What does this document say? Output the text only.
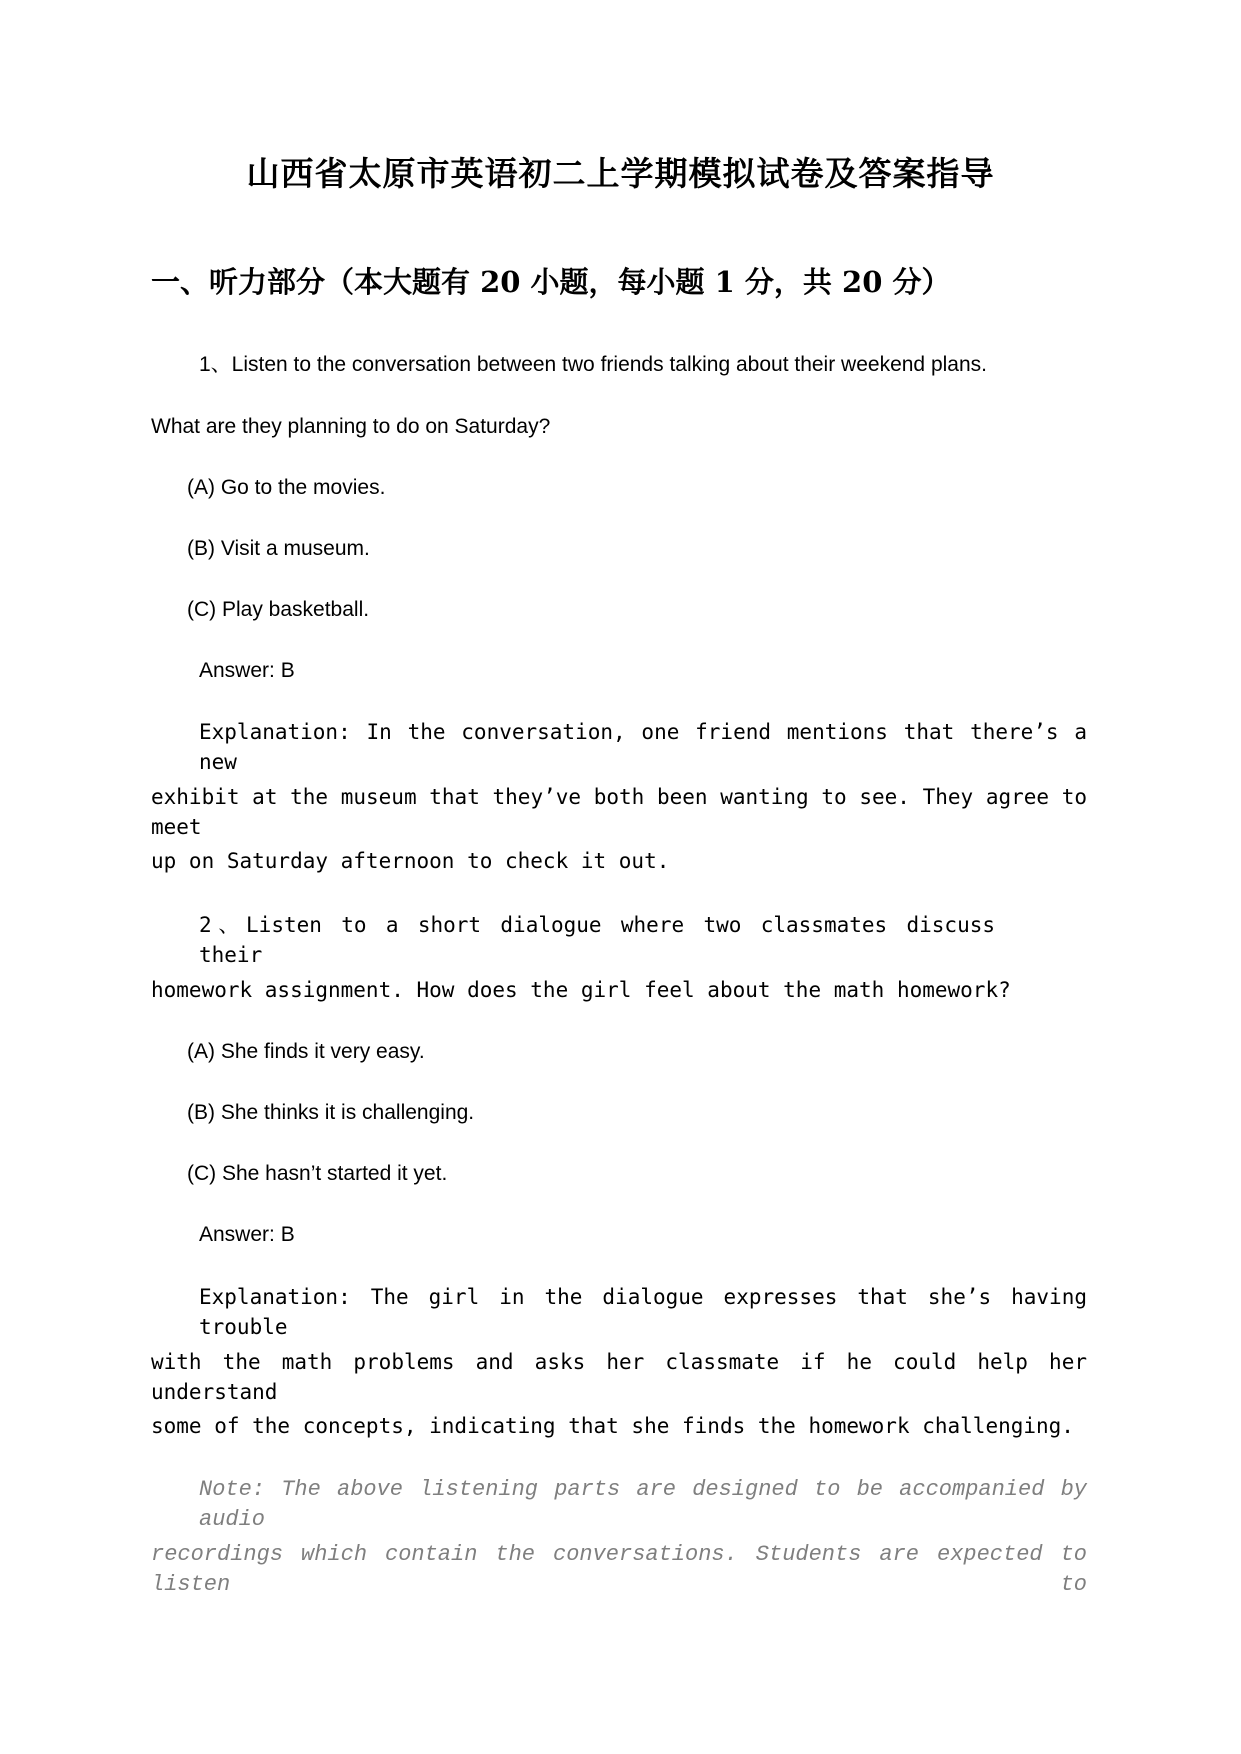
山西省太原市英语初二上学期模拟试卷及答案指导
一、听力部分（本大题有 20 小题，每小题 1 分，共 20 分）
1、Listen to the conversation between two friends talking about their weekend plans.
What are they planning to do on Saturday?
(A) Go to the movies.
(B) Visit a museum.
(C) Play basketball.
Answer: B
Explanation: In the conversation, one friend mentions that there’s a new
exhibit at the museum that they’ve both been wanting to see. They agree to meet
up on Saturday afternoon to check it out.
2、Listen to a short dialogue where two classmates discuss their
homework assignment. How does the girl feel about the math homework?
(A) She finds it very easy.
(B) She thinks it is challenging.
(C) She hasn’t started it yet.
Answer: B
Explanation: The girl in the dialogue expresses that she’s having trouble
with the math problems and asks her classmate if he could help her understand
some of the concepts, indicating that she finds the homework challenging.
Note: The above listening parts are designed to be accompanied by audio
recordings which contain the conversations. Students are expected to listen to
